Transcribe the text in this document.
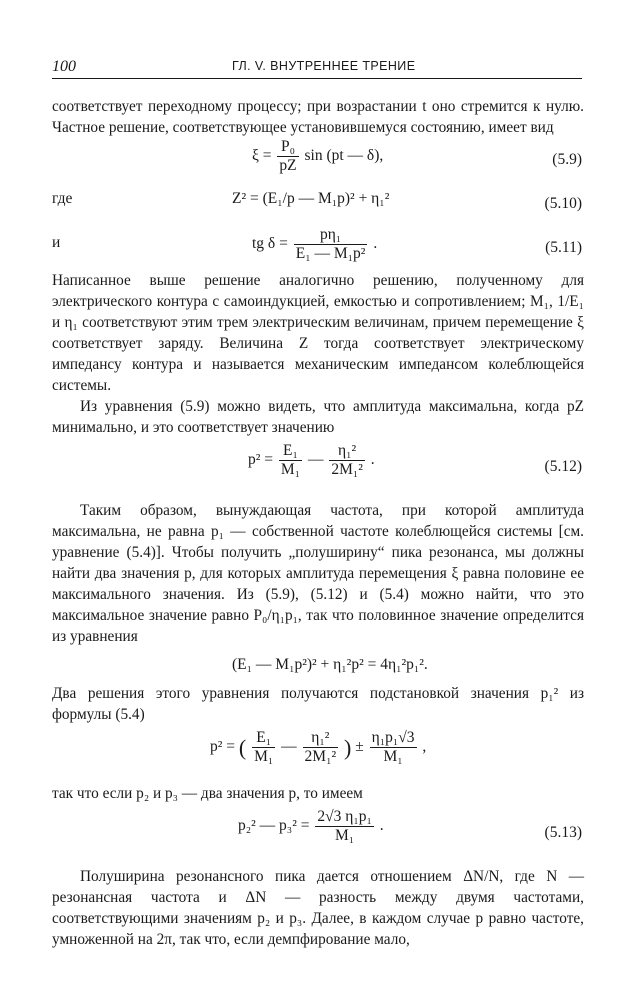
100	ГЛ. V. ВНУТРЕННЕЕ ТРЕНИЕ

соответствует переходному процессу; при возрастании t оно стремится к нулю. Частное решение, соответствующее установившемуся состоянию, имеет вид

$\xi = \frac{\text{P₀}}{pZ}$ sin (pt — δ),	(5.9)
где	Z² = (E₁/p — M₁p)² + η₁²	(5.10)
и	tg $\delta = \frac{\text{pη₁}}{\text{E₁ — M₁p²}}$ .	(5.11)

Написанное выше решение аналогично решению, полученному для электрического контура с самоиндукцией, емкостью и сопротивлением; M₁, 1/E₁ и η₁ соответствуют этим трем электрическим величинам, причем перемещение ξ соответствует заряду. Величина Z тогда соответствует электрическому импедансу контура и называется механическим импедансом колеблющейся системы.

Из уравнения (5.9) можно видеть, что амплитуда максимальна, когда pZ минимально, и это соответствует значению

$p^2 = \frac{\text{E₁}}{\text{M₁}}$ — $\frac{\text{η₁²}}{\text{2M₁²}}$ .	(5.12)

Таким образом, вынуждающая частота, при которой амплитуда максимальна, не равна p₁ — собственной частоте колеблющейся системы [см. уравнение (5.4)]. Чтобы получить „полуширину“ пика резонанса, мы должны найти два значения p, для которых амплитуда перемещения ξ равна половине ее максимального значения. Из (5.9), (5.12) и (5.4) можно найти, что это максимальное значение равно P₀/η₁p₁, так что половинное значение определится из уравнения

(E₁ — M₁p²)² + η₁²p² = 4η₁²p₁².

Два решения этого уравнения получаются подстановкой значения p₁² из формулы (5.4)

p² = ( $\frac{\text{E₁}}{\text{M₁}}$ — $\frac{\text{η₁²}}{\text{2M₁²}}$ ) ± $\frac{\text{η₁p₁√3}}{\text{M₁}}$ ,

так что если p₂ и p₃ — два значения p, то имеем

p₂² — $p_3^2 = \frac{\text{2√3 η₁p₁}}{\text{M₁}}$ .	(5.13)

Полуширина резонансного пика дается отношением ΔN/N, где N — резонансная частота и ΔN — разность между двумя частотами, соответствующими значениям p₂ и p₃. Далее, в каждом случае p равно частоте, умноженной на 2π, так что, если демпфирование мало,
